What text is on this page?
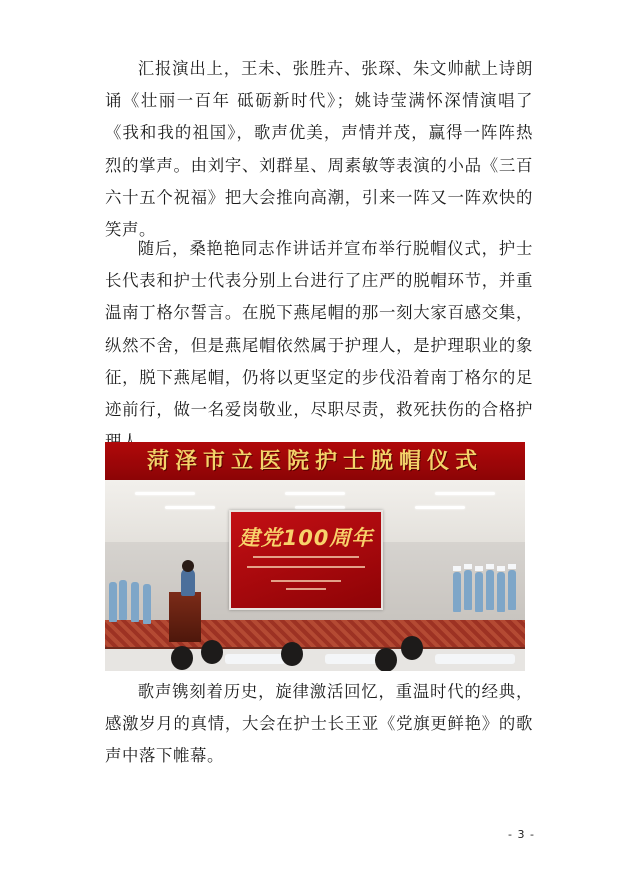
汇报演出上，王未、张胜卉、张琛、朱文帅献上诗朗诵《壮丽一百年 砥砺新时代》；姚诗莹满怀深情演唱了《我和我的祖国》，歌声优美，声情并茂，赢得一阵阵热烈的掌声。由刘宇、刘群星、周素敏等表演的小品《三百六十五个祝福》把大会推向高潮，引来一阵又一阵欢快的笑声。

随后，桑艳艳同志作讲话并宣布举行脱帽仪式，护士长代表和护士代表分别上台进行了庄严的脱帽环节，并重温南丁格尔誓言。在脱下燕尾帽的那一刻大家百感交集，纵然不舍，但是燕尾帽依然属于护理人，是护理职业的象征，脱下燕尾帽，仍将以更坚定的步伐沿着南丁格尔的足迹前行，做一名爱岗敬业，尽职尽责，救死扶伤的合格护

建党100周年
菏泽市立医院护士脱帽仪式

歌声镌刻着历史，旋律激活回忆，重温时代的经典，感激岁月的真情，大会在护士长王亚《党旗更鲜艳》的歌声中落下帷幕。

- 3 -
